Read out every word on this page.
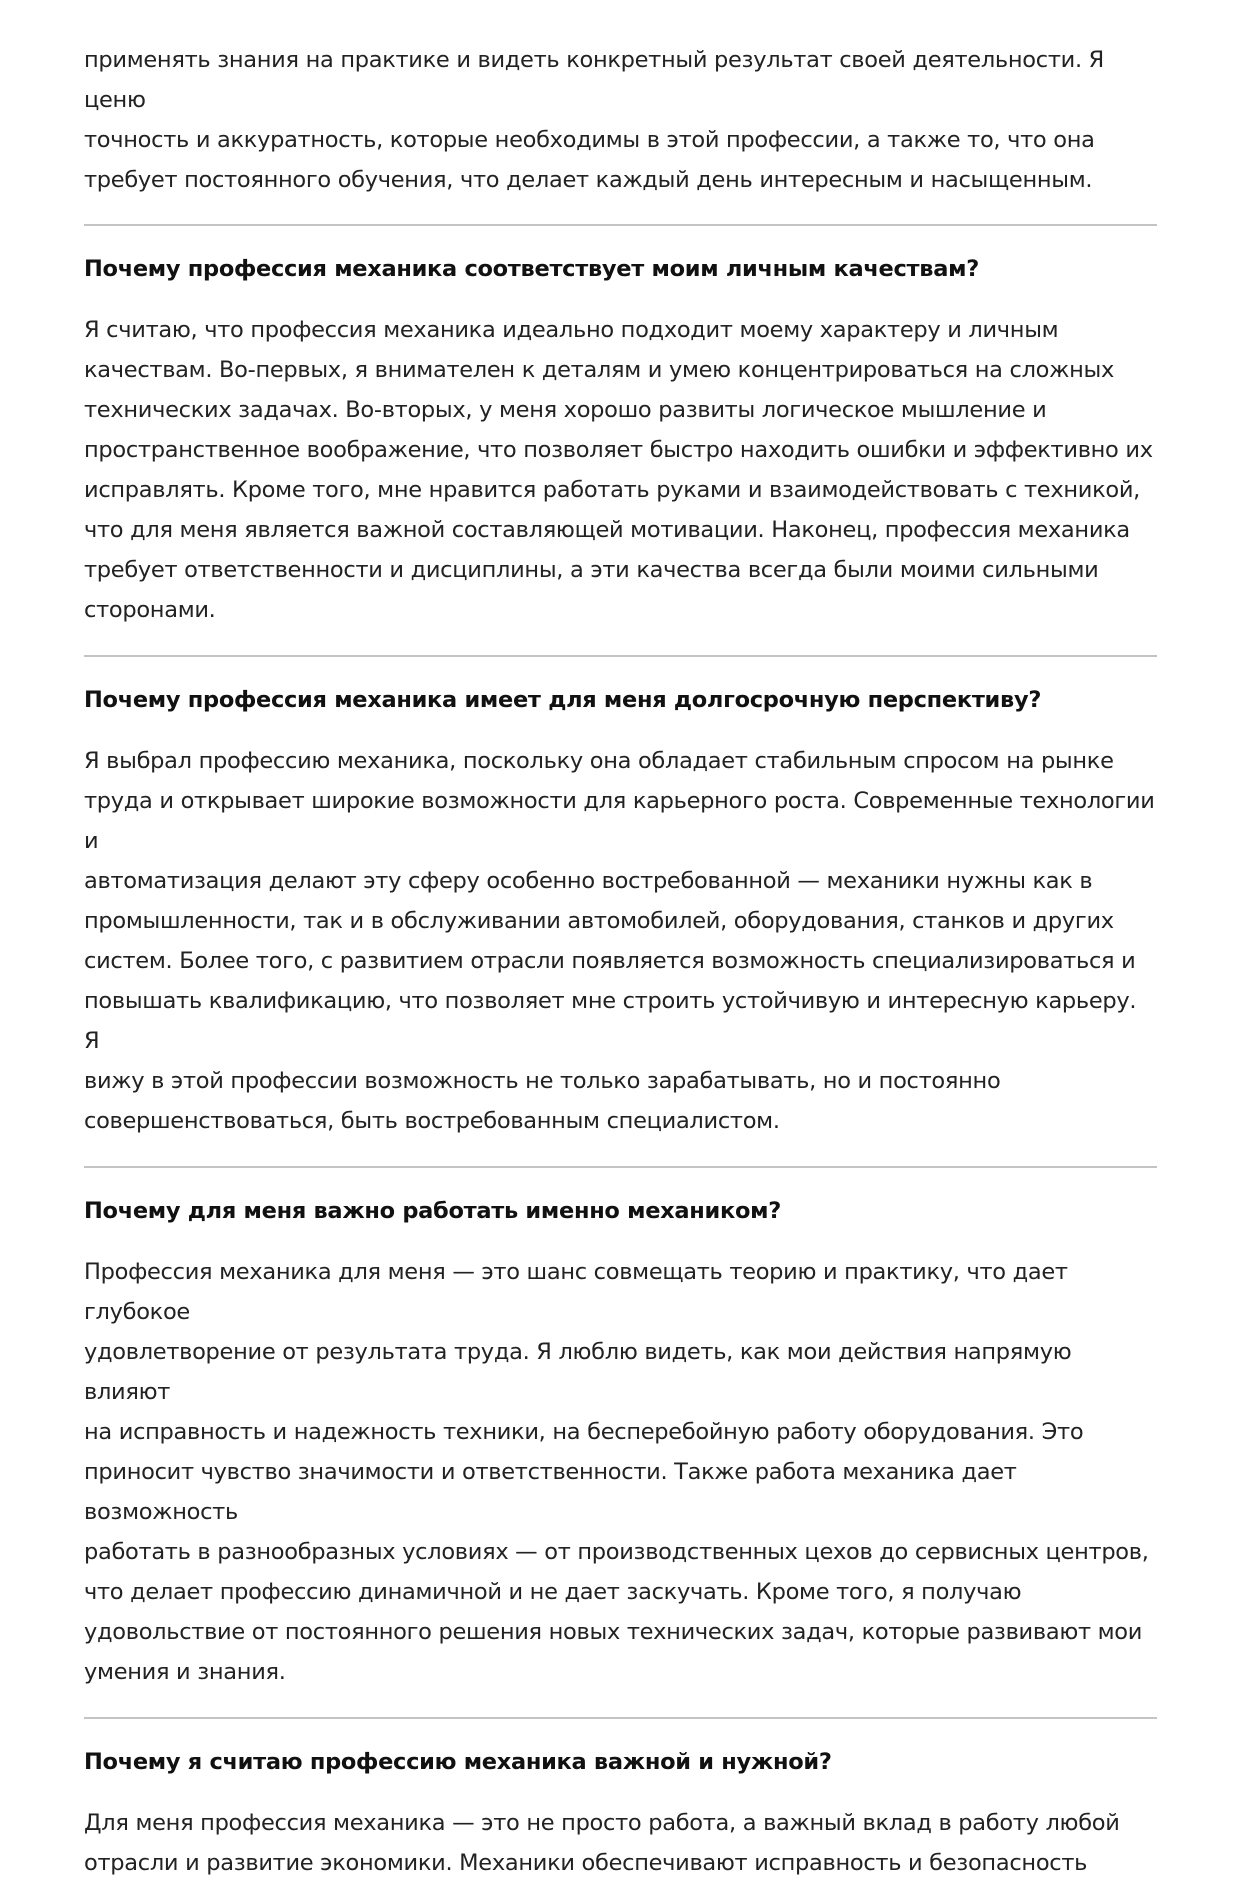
применять знания на практике и видеть конкретный результат своей деятельности. Я ценю
точность и аккуратность, которые необходимы в этой профессии, а также то, что она
требует постоянного обучения, что делает каждый день интересным и насыщенным.
Почему профессия механика соответствует моим личным качествам?
Я считаю, что профессия механика идеально подходит моему характеру и личным
качествам. Во-первых, я внимателен к деталям и умею концентрироваться на сложных
технических задачах. Во-вторых, у меня хорошо развиты логическое мышление и
пространственное воображение, что позволяет быстро находить ошибки и эффективно их
исправлять. Кроме того, мне нравится работать руками и взаимодействовать с техникой,
что для меня является важной составляющей мотивации. Наконец, профессия механика
требует ответственности и дисциплины, а эти качества всегда были моими сильными
сторонами.
Почему профессия механика имеет для меня долгосрочную перспективу?
Я выбрал профессию механика, поскольку она обладает стабильным спросом на рынке
труда и открывает широкие возможности для карьерного роста. Современные технологии и
автоматизация делают эту сферу особенно востребованной — механики нужны как в
промышленности, так и в обслуживании автомобилей, оборудования, станков и других
систем. Более того, с развитием отрасли появляется возможность специализироваться и
повышать квалификацию, что позволяет мне строить устойчивую и интересную карьеру. Я
вижу в этой профессии возможность не только зарабатывать, но и постоянно
совершенствоваться, быть востребованным специалистом.
Почему для меня важно работать именно механиком?
Профессия механика для меня — это шанс совмещать теорию и практику, что дает глубокое
удовлетворение от результата труда. Я люблю видеть, как мои действия напрямую влияют
на исправность и надежность техники, на бесперебойную работу оборудования. Это
приносит чувство значимости и ответственности. Также работа механика дает возможность
работать в разнообразных условиях — от производственных цехов до сервисных центров,
что делает профессию динамичной и не дает заскучать. Кроме того, я получаю
удовольствие от постоянного решения новых технических задач, которые развивают мои
умения и знания.
Почему я считаю профессию механика важной и нужной?
Для меня профессия механика — это не просто работа, а важный вклад в работу любой
отрасли и развитие экономики. Механики обеспечивают исправность и безопасность
